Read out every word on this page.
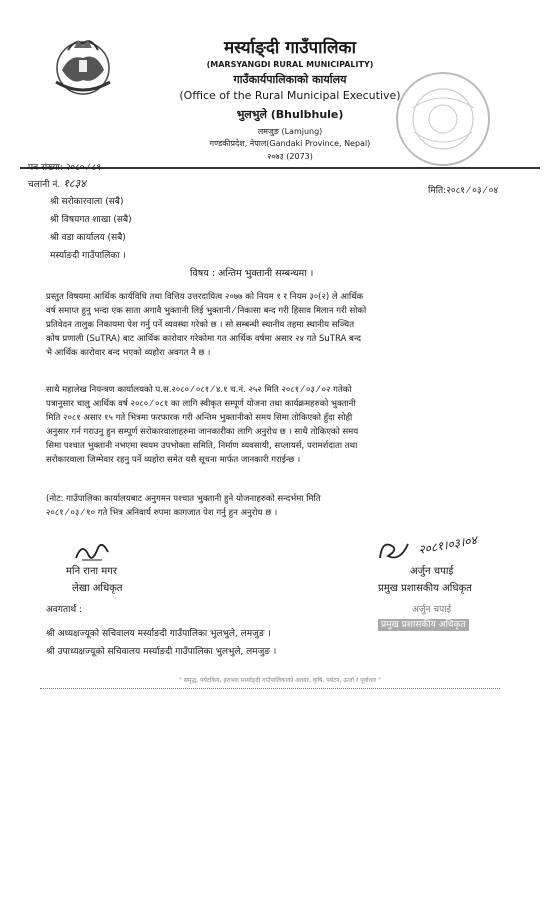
मर्स्याङ्दी गाउँपालिका
(MARSYANGDI RURAL MUNICIPALITY)
गाउँकार्यपालिकाको कार्यालय
(Office of the Rural Municipal Executive)
भुलभुले (Bhulbhule)
लमजुङ (Lamjung)
गण्डकीप्रदेश, नेपाल(Gandaki Province, Nepal)
२०७३ (2073)
पत्र संख्या: २०८० ⁄ ८१
चलानी नं. १८३४
मिति:२०८१ ⁄ ०३ ⁄ ०४
श्री सरोकारवाला (सबै)
श्री विषयगत शाखा (सबै)
श्री वडा कार्यालय (सबै)
मर्स्याङदी गाउँपालिका ।
विषय : अन्तिम भुक्तानी सम्बन्धमा ।
प्रस्तुत विषयमा आर्थिक कार्यविधि तथा वित्तिय उत्तरदायित्व २०७७ को नियम १ र नियम ३०(२) ले आर्थिक
वर्ष समाप्त हुनु भन्दा एक साता अगावै भुक्तानी लिई भुक्तानी ⁄ निकासा बन्द गरी हिसाव मिलान गरी सोको
प्रतिवेदन तालुक निकायमा पेश गर्नु पर्ने व्यवस्था गरेको छ । सो सम्बन्धी स्थानीय तहमा स्थानीय सञ्चित
कोष प्रणाली (SuTRA) बाट आर्थिक कारोवार गरेकोमा गत आर्थिक वर्षमा असार २४ गते SuTRA बन्द
भै आर्थिक कारोवार बन्द भएको व्यहोरा अवगत नै छ ।
साथै महालेख नियन्त्रण कार्यालयको प.स.२०८० ⁄ ०८१ ⁄ ४.१ च.नं. २५२ मिति २०८१ ⁄ ०३ ⁄ ०२ गतेको
पत्रानुसार चालु आर्थिक वर्ष २०८० ⁄ ०८१ का लागि स्वीकृत सम्पूर्ण योजना तथा कार्यक्रमहरुको भुक्तानी
मिति २०८१ असार १५ गते भित्रमा फरफारक गरी अन्तिम भुक्तानीको समय सिमा तोकिएको हुँदा सोही
अनुसार गर्न गराउनु हुन सम्पूर्ण सरोकारवालाहरुमा जानकारीका लागि अनुरोध छ । साथै तोकिएको समय
सिमा पश्चात भुक्तानी नभएमा स्वयम उपभोक्ता समिति, निर्माण व्यवसायी, सप्लायर्स, परामर्शदाता तथा
सरोकारवाला जिम्मेवार रहनु पर्ने व्यहोरा समेत यसै सूचना मार्फत जानकारी गराईन्छ ।
(नोट: गाउँपालिका कार्यालयबाट अनुगमन पश्चात भुक्तानी हुने योजनाहरुको सन्दर्भमा मिति
२०८१ ⁄ ०३ ⁄ १० गते भित्र अनिवार्य रुपमा कागजात पेश गर्नु हुन अनुरोध छ ।
मनि राना मगर
लेखा अधिकृत
२०८१।०३।०४
अर्जुन चपाई
प्रमुख प्रशासकीय अधिकृत
अर्जुन चपाई
प्रमुख प्रशासकीय अधिकृत
अवगतार्थ :
श्री अध्यक्षज्यूको सचिवालय मर्स्याङदी गाउँपालिका भुलभुले, लमजुङ ।
श्री उपाध्यक्षज्यूको सचिवालय मर्स्याङदी गाउँपालिका भुलभुले, लमजुङ ।
" समृद्ध, पर्यटकिय, हराभरा मर्स्याङ्दी गाउँपालिकाको आधार, कृषि, पर्यटन, ऊर्जा र पूर्वाधार "
